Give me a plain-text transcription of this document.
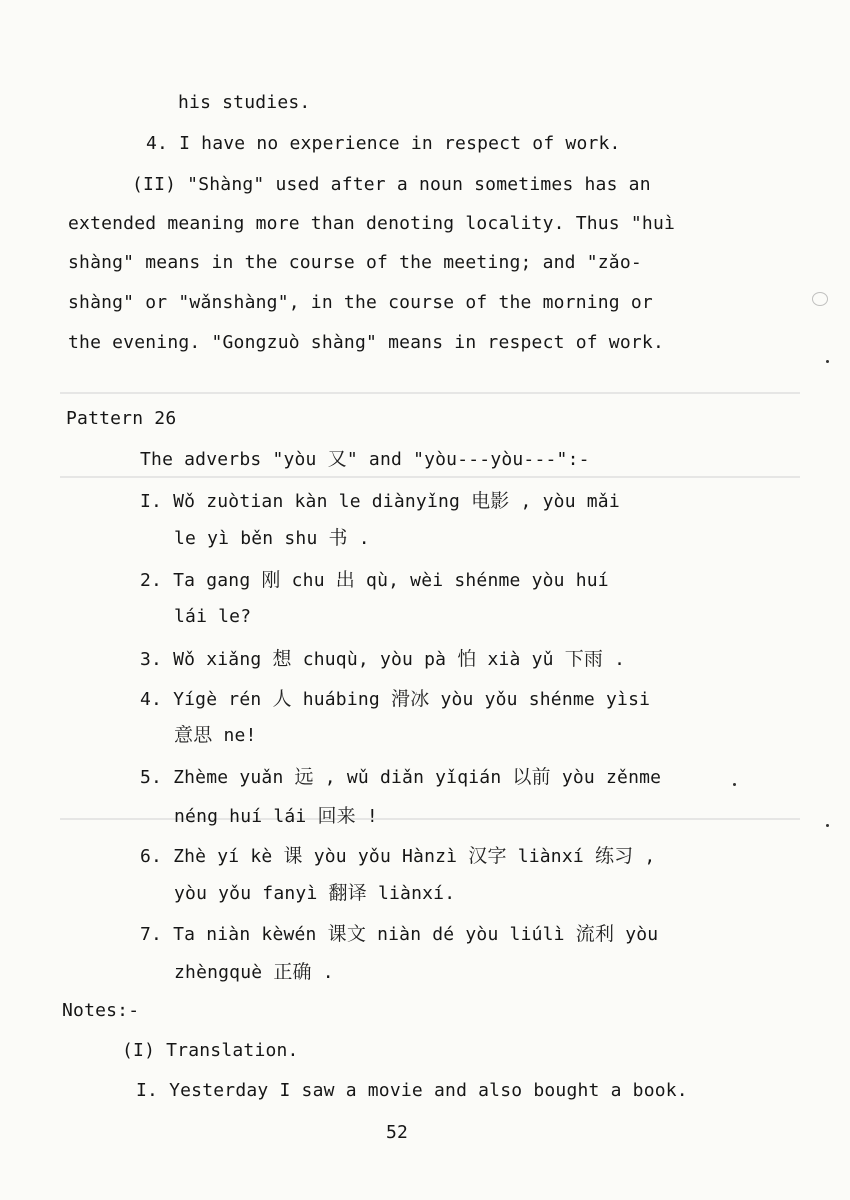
his studies.
4. I have no experience in respect of work.
(II) "Shàng" used after a noun sometimes has an
extended meaning more than denoting locality. Thus "huì
shàng" means in the course of the meeting; and "zǎo-
shàng" or "wǎnshàng", in the course of the morning or
the evening. "Gongzuò shàng" means in respect of work.
Pattern 26
The adverbs "yòu 又" and "yòu---yòu---":-
I. Wǒ zuòtian kàn le diànyǐng 电影 , yòu mǎi
le yì běn shu 书 .
2. Ta gang 刚 chu 出 qù, wèi shénme yòu huí
lái le?
3. Wǒ xiǎng 想 chuqù, yòu pà 怕 xià yǔ 下雨 .
4. Yígè rén 人 huábing 滑冰 yòu yǒu shénme yìsi
意思 ne!
5. Zhème yuǎn 远 , wǔ diǎn yǐqián 以前 yòu zěnme
néng huí lái 回来 !
6. Zhè yí kè 课 yòu yǒu Hànzì 汉字 liànxí 练习 ,
yòu yǒu fanyì 翻译 liànxí.
7. Ta niàn kèwén 课文 niàn dé yòu liúlì 流利 yòu
zhèngquè 正确 .
Notes:-
(I) Translation.
I. Yesterday I saw a movie and also bought a book.
52
